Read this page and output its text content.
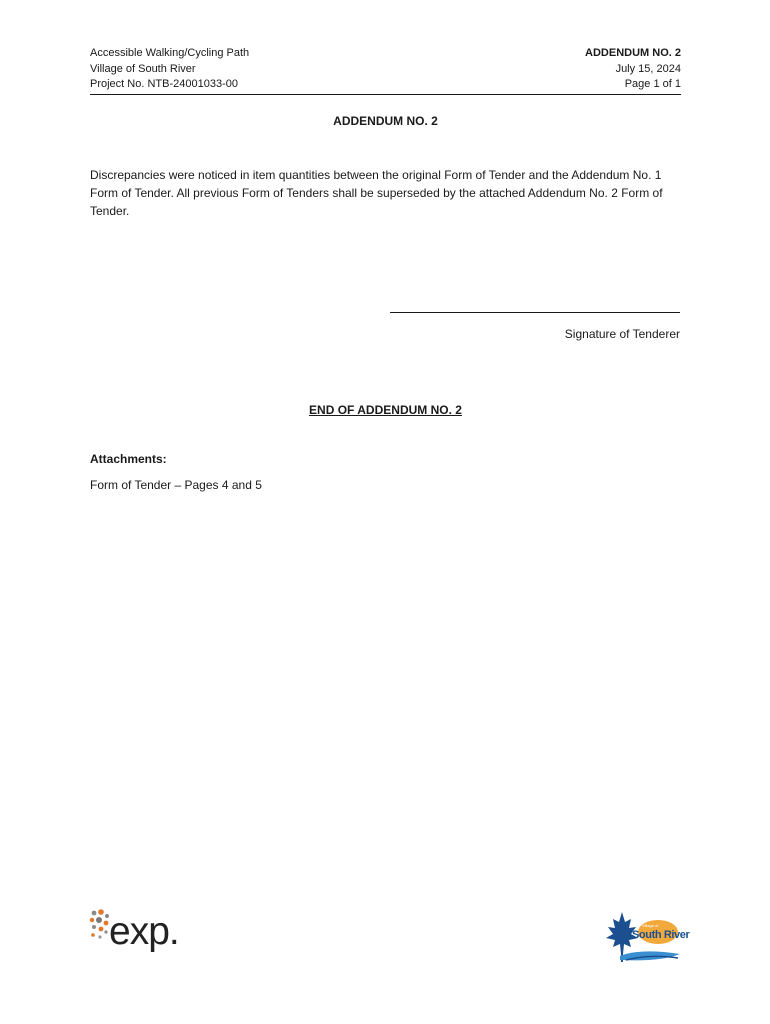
Accessible Walking/Cycling Path
Village of South River
Project No. NTB-24001033-00
ADDENDUM NO. 2
July 15, 2024
Page 1 of 1
ADDENDUM NO. 2
Discrepancies were noticed in item quantities between the original Form of Tender and the Addendum No. 1 Form of Tender. All previous Form of Tenders shall be superseded by the attached Addendum No. 2 Form of Tender.
Signature of Tenderer
END OF ADDENDUM NO. 2
Attachments:
Form of Tender – Pages 4 and 5
exp.	Village of
South River
